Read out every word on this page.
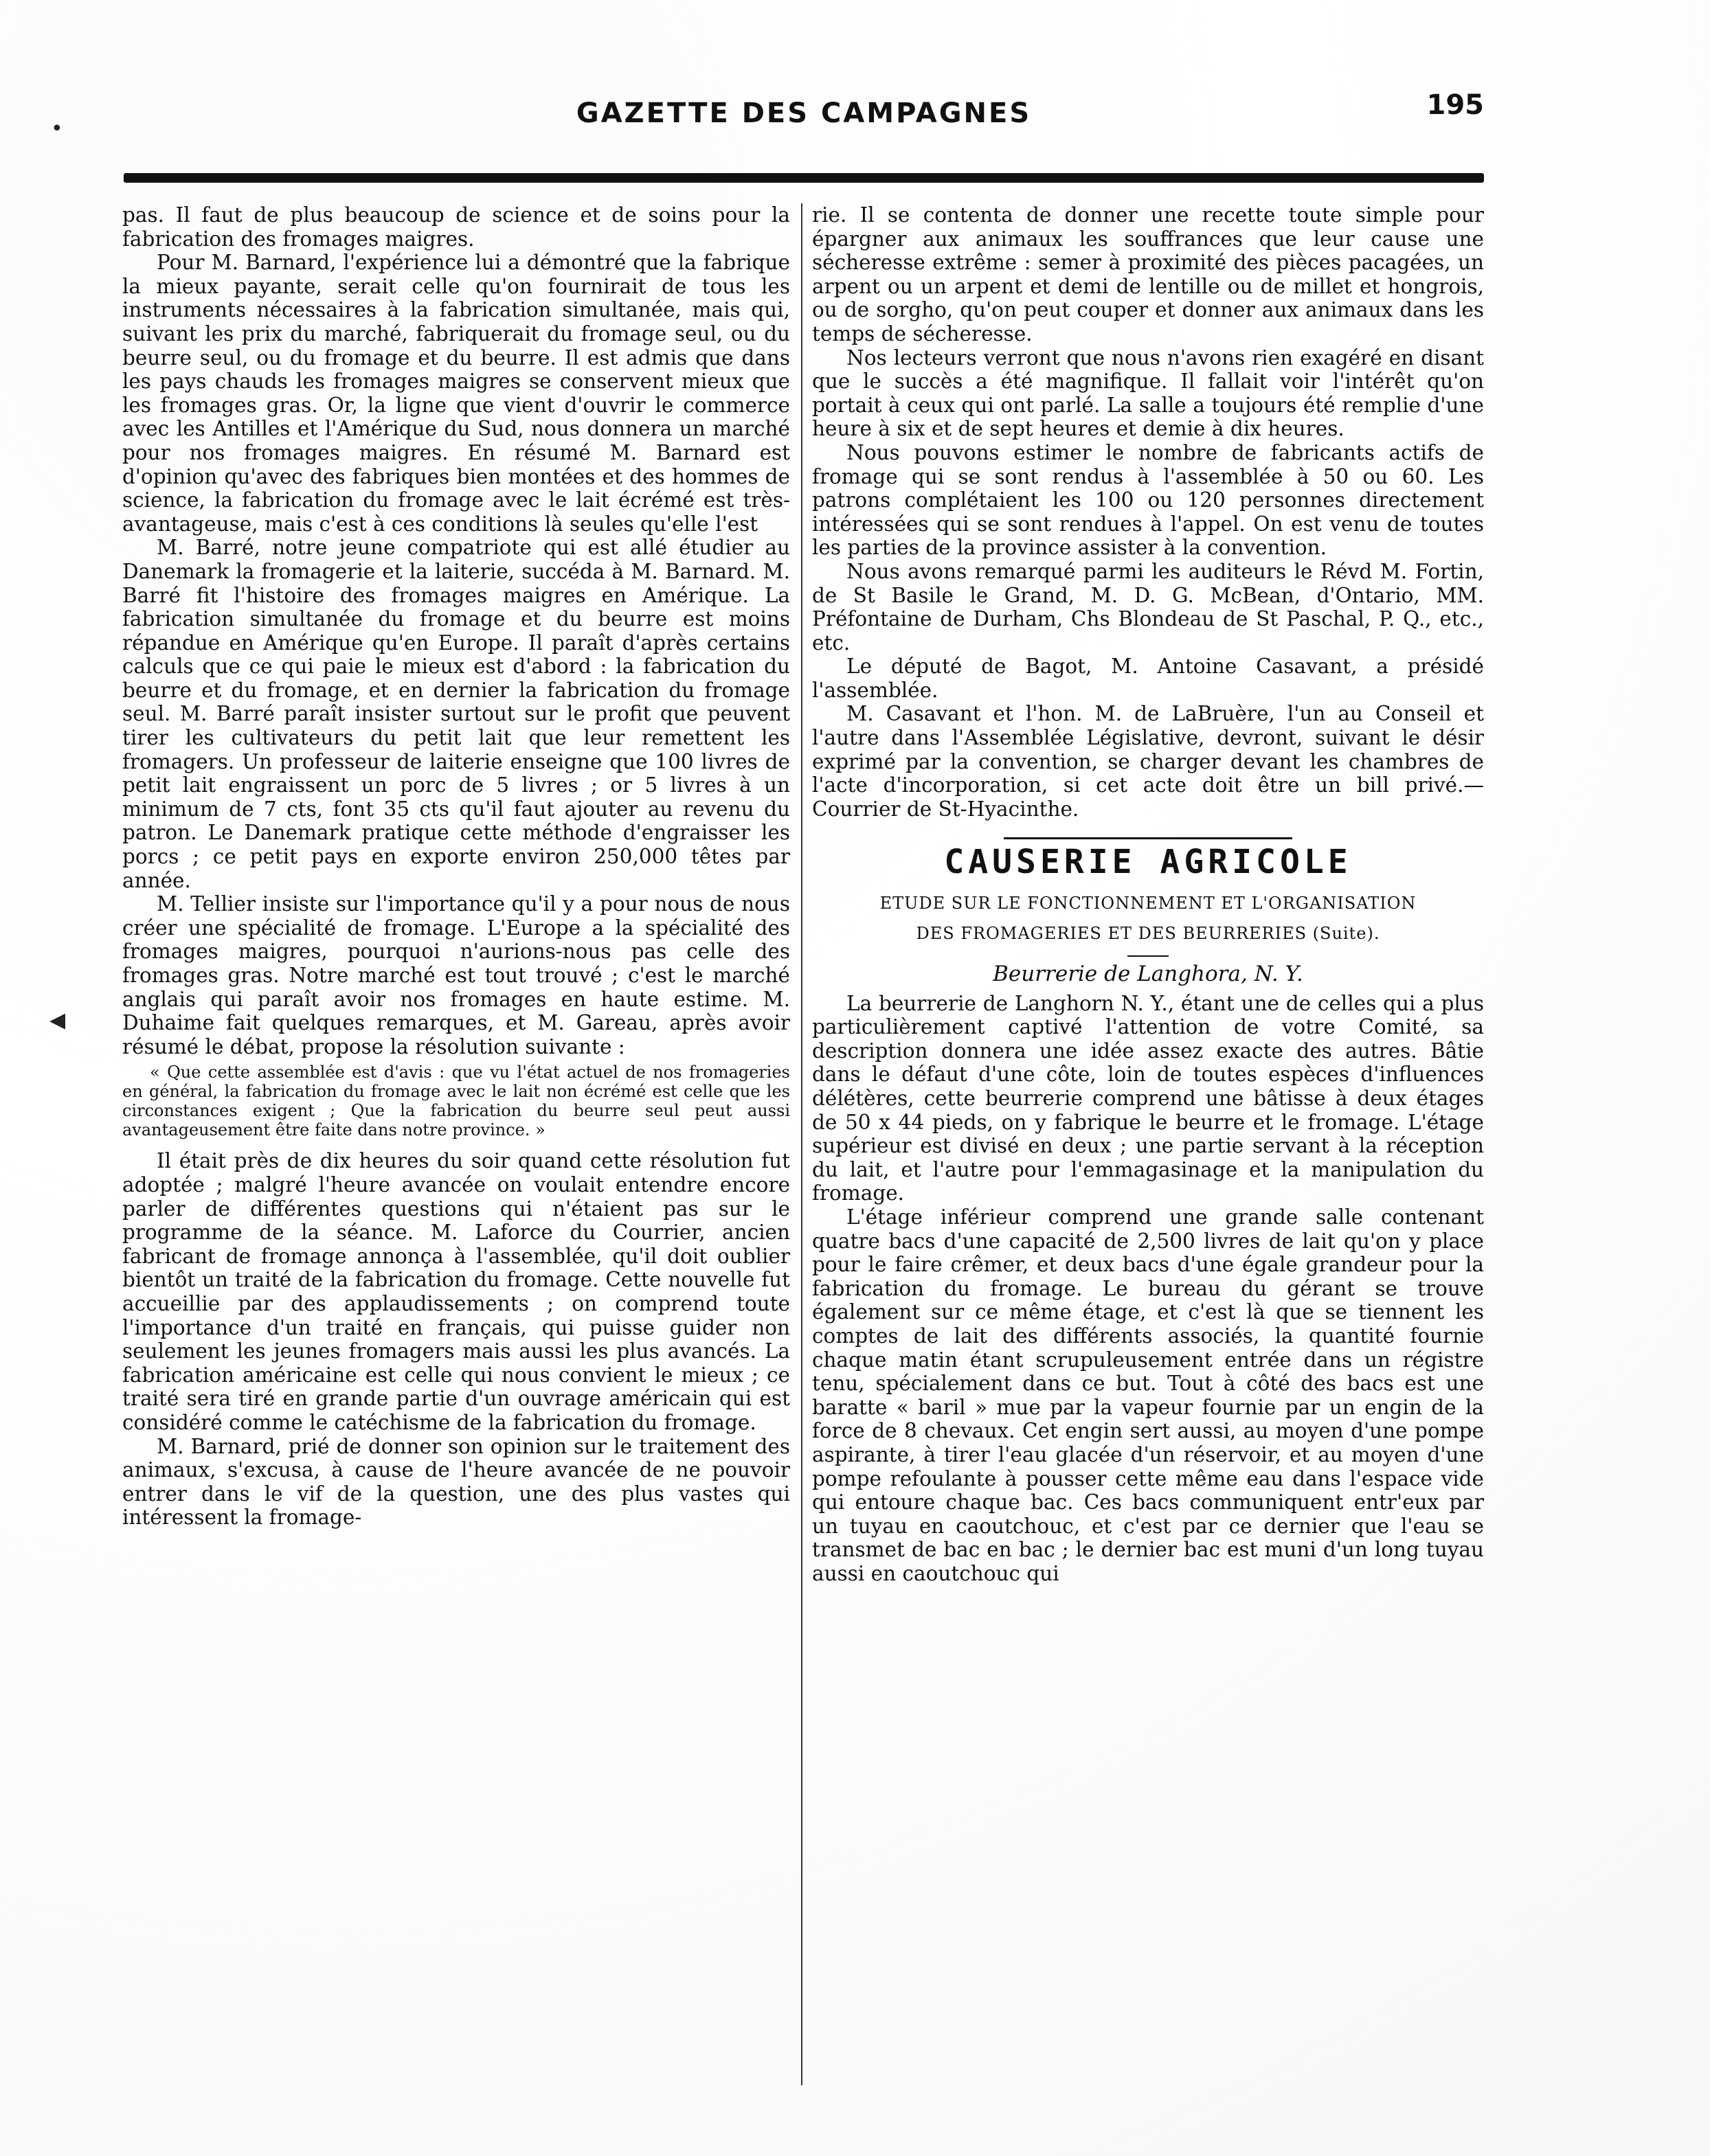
•
◀
GAZETTE DES CAMPAGNES	195

pas. Il faut de plus beaucoup de science et de soins pour la fabrication des fromages maigres.

Pour M. Barnard, l'expérience lui a démontré que la fabrique la mieux payante, serait celle qu'on fournirait de tous les instruments nécessaires à la fabrication simultanée, mais qui, suivant les prix du marché, fabriquerait du fromage seul, ou du beurre seul, ou du fromage et du beurre. Il est admis que dans les pays chauds les fromages maigres se conservent mieux que les fromages gras. Or, la ligne que vient d'ouvrir le commerce avec les Antilles et l'Amérique du Sud, nous donnera un marché pour nos fromages maigres. En résumé M. Barnard est d'opinion qu'avec des fabriques bien montées et des hommes de science, la fabrication du fromage avec le lait écrémé est très-avantageuse, mais c'est à ces conditions là seules qu'elle l'est

M. Barré, notre jeune compatriote qui est allé étudier au Danemark la fromagerie et la laiterie, succéda à M. Barnard. M. Barré fit l'histoire des fromages maigres en Amérique. La fabrication simultanée du fromage et du beurre est moins répandue en Amérique qu'en Europe. Il paraît d'après certains calculs que ce qui paie le mieux est d'abord : la fabrication du beurre et du fromage, et en dernier la fabrication du fromage seul. M. Barré paraît insister surtout sur le profit que peuvent tirer les cultivateurs du petit lait que leur remettent les fromagers. Un professeur de laiterie enseigne que 100 livres de petit lait engraissent un porc de 5 livres ; or 5 livres à un minimum de 7 cts, font 35 cts qu'il faut ajouter au revenu du patron. Le Danemark pratique cette méthode d'engraisser les porcs ; ce petit pays en exporte environ 250,000 têtes par année.

M. Tellier insiste sur l'importance qu'il y a pour nous de nous créer une spécialité de fromage. L'Europe a la spécialité des fromages maigres, pourquoi n'aurions-nous pas celle des fromages gras. Notre marché est tout trouvé ; c'est le marché anglais qui paraît avoir nos fromages en haute estime. M. Duhaime fait quelques remarques, et M. Gareau, après avoir résumé le débat, propose la résolution suivante :

« Que cette assemblée est d'avis : que vu l'état actuel de nos fromageries en général, la fabrication du fromage avec le lait non écrémé est celle que les circonstances exigent ; Que la fabrication du beurre seul peut aussi avantageusement être faite dans notre province. »

Il était près de dix heures du soir quand cette résolution fut adoptée ; malgré l'heure avancée on voulait entendre encore parler de différentes questions qui n'étaient pas sur le programme de la séance. M. Laforce du Courrier, ancien fabricant de fromage annonça à l'assemblée, qu'il doit oublier bientôt un traité de la fabrication du fromage. Cette nouvelle fut accueillie par des applaudissements ; on comprend toute l'importance d'un traité en français, qui puisse guider non seulement les jeunes fromagers mais aussi les plus avancés. La fabrication américaine est celle qui nous convient le mieux ; ce traité sera tiré en grande partie d'un ouvrage américain qui est considéré comme le catéchisme de la fabrication du fromage.

M. Barnard, prié de donner son opinion sur le traitement des animaux, s'excusa, à cause de l'heure avancée de ne pouvoir entrer dans le vif de la question, une des plus vastes qui intéressent la fromage-

rie. Il se contenta de donner une recette toute simple pour épargner aux animaux les souffrances que leur cause une sécheresse extrême : semer à proximité des pièces pacagées, un arpent ou un arpent et demi de lentille ou de millet et hongrois, ou de sorgho, qu'on peut couper et donner aux animaux dans les temps de sécheresse.

Nos lecteurs verront que nous n'avons rien exagéré en disant que le succès a été magnifique. Il fallait voir l'intérêt qu'on portait à ceux qui ont parlé. La salle a toujours été remplie d'une heure à six et de sept heures et demie à dix heures.

Nous pouvons estimer le nombre de fabricants actifs de fromage qui se sont rendus à l'assemblée à 50 ou 60. Les patrons complétaient les 100 ou 120 personnes directement intéressées qui se sont rendues à l'appel. On est venu de toutes les parties de la province assister à la convention.

Nous avons remarqué parmi les auditeurs le Révd M. Fortin, de St Basile le Grand, M. D. G. McBean, d'Ontario, MM. Préfontaine de Durham, Chs Blondeau de St Paschal, P. Q., etc., etc.

Le député de Bagot, M. Antoine Casavant, a présidé l'assemblée.

M. Casavant et l'hon. M. de LaBruère, l'un au Conseil et l'autre dans l'Assemblée Législative, devront, suivant le désir exprimé par la convention, se charger devant les chambres de l'acte d'incorporation, si cet acte doit être un bill privé.—Courrier de St-Hyacinthe.

CAUSERIE AGRICOLE
ETUDE SUR LE FONCTIONNEMENT ET L'ORGANISATION
DES FROMAGERIES ET DES BEURRERIES (Suite).
Beurrerie de Langhora, N. Y.

La beurrerie de Langhorn N. Y., étant une de celles qui a plus particulièrement captivé l'attention de votre Comité, sa description donnera une idée assez exacte des autres. Bâtie dans le défaut d'une côte, loin de toutes espèces d'influences délétères, cette beurrerie comprend une bâtisse à deux étages de 50 x 44 pieds, on y fabrique le beurre et le fromage. L'étage supérieur est divisé en deux ; une partie servant à la réception du lait, et l'autre pour l'emmagasinage et la manipulation du fromage.

L'étage inférieur comprend une grande salle contenant quatre bacs d'une capacité de 2,500 livres de lait qu'on y place pour le faire crêmer, et deux bacs d'une égale grandeur pour la fabrication du fromage. Le bureau du gérant se trouve également sur ce même étage, et c'est là que se tiennent les comptes de lait des différents associés, la quantité fournie chaque matin étant scrupuleusement entrée dans un régistre tenu, spécialement dans ce but. Tout à côté des bacs est une baratte « baril » mue par la vapeur fournie par un engin de la force de 8 chevaux. Cet engin sert aussi, au moyen d'une pompe aspirante, à tirer l'eau glacée d'un réservoir, et au moyen d'une pompe refoulante à pousser cette même eau dans l'espace vide qui entoure chaque bac. Ces bacs communiquent entr'eux par un tuyau en caoutchouc, et c'est par ce dernier que l'eau se transmet de bac en bac ; le dernier bac est muni d'un long tuyau aussi en caoutchouc qui
